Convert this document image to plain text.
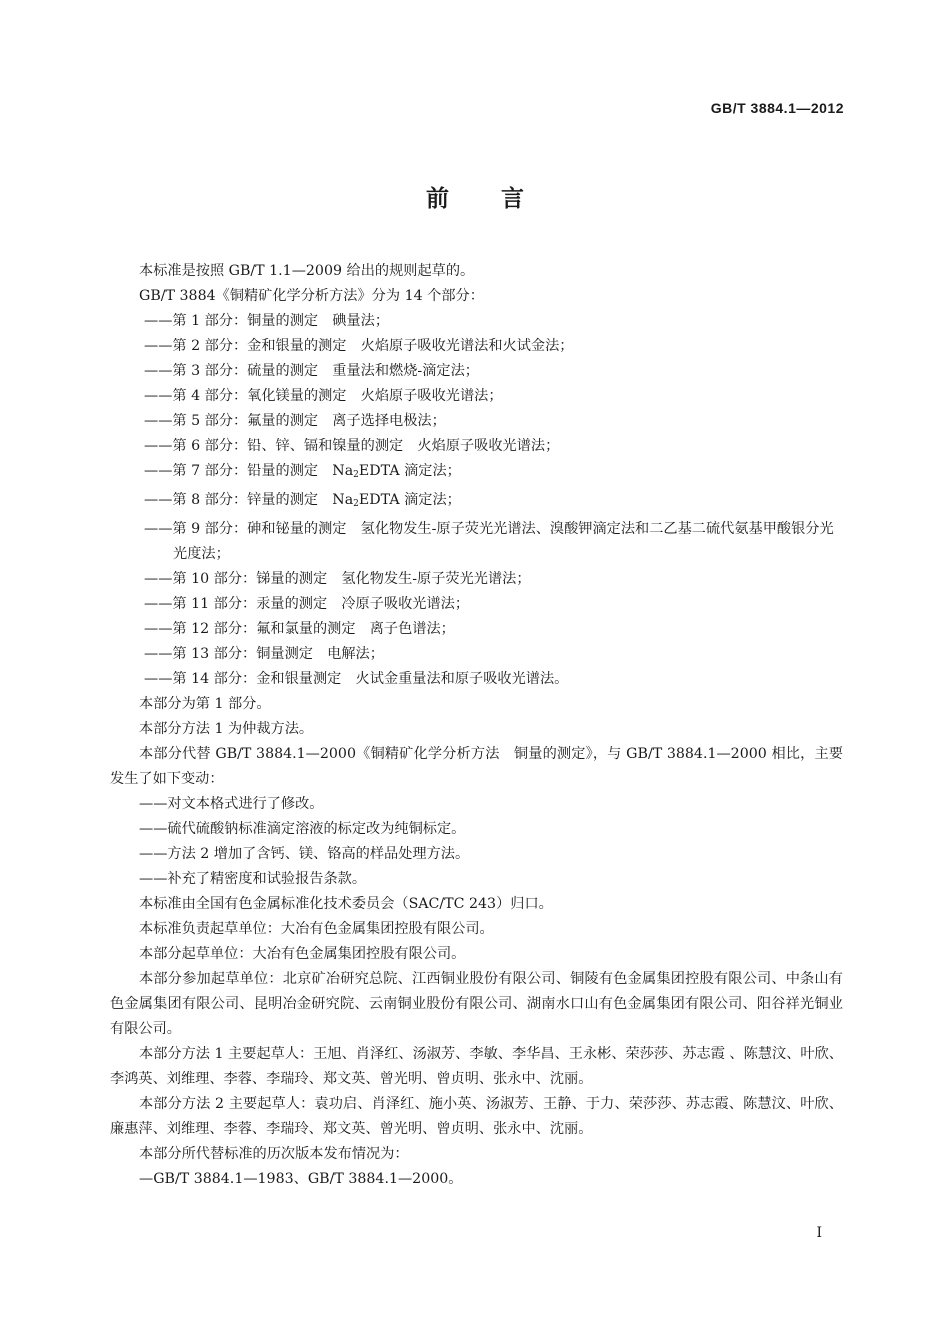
GB/T 3884.1—2012
前言

本标准是按照 GB/T 1.1—2009 给出的规则起草的。

GB/T 3884《铜精矿化学分析方法》分为 14 个部分：

——第 1 部分：铜量的测定　碘量法；
——第 2 部分：金和银量的测定　火焰原子吸收光谱法和火试金法；
——第 3 部分：硫量的测定　重量法和燃烧-滴定法；
——第 4 部分：氧化镁量的测定　火焰原子吸收光谱法；
——第 5 部分：氟量的测定　离子选择电极法；
——第 6 部分：铅、锌、镉和镍量的测定　火焰原子吸收光谱法；
——第 7 部分：铅量的测定　$Na_2EDTA$ 滴定法；
——第 8 部分：锌量的测定　$Na_2EDTA$ 滴定法；
——第 9 部分：砷和铋量的测定　氢化物发生-原子荧光光谱法、溴酸钾滴定法和二乙基二硫代氨基甲酸银分光光度法；
——第 10 部分：锑量的测定　氢化物发生-原子荧光光谱法；
——第 11 部分：汞量的测定　冷原子吸收光谱法；
——第 12 部分：氟和氯量的测定　离子色谱法；
——第 13 部分：铜量测定　电解法；
——第 14 部分：金和银量测定　火试金重量法和原子吸收光谱法。

本部分为第 1 部分。

本部分方法 1 为仲裁方法。

本部分代替 GB/T 3884.1—2000《铜精矿化学分析方法　铜量的测定》，与 GB/T 3884.1—2000 相比，主要发生了如下变动：

——对文本格式进行了修改。

——硫代硫酸钠标准滴定溶液的标定改为纯铜标定。

——方法 2 增加了含钙、镁、铬高的样品处理方法。

——补充了精密度和试验报告条款。

本标准由全国有色金属标准化技术委员会（SAC/TC 243）归口。

本标准负责起草单位：大冶有色金属集团控股有限公司。

本部分起草单位：大冶有色金属集团控股有限公司。

本部分参加起草单位：北京矿冶研究总院、江西铜业股份有限公司、铜陵有色金属集团控股有限公司、中条山有色金属集团有限公司、昆明冶金研究院、云南铜业股份有限公司、湖南水口山有色金属集团有限公司、阳谷祥光铜业有限公司。

本部分方法 1 主要起草人：王旭、肖泽红、汤淑芳、李敏、李华昌、王永彬、荣莎莎、苏志霞 、陈慧汶、叶欣、李鸿英、刘维理、李蓉、李瑞玲、郑文英、曾光明、曾贞明、张永中、沈丽。

本部分方法 2 主要起草人：袁功启、肖泽红、施小英、汤淑芳、王静、于力、荣莎莎、苏志霞、陈慧汶、叶欣、廉惠萍、刘维理、李蓉、李瑞玲、郑文英、曾光明、曾贞明、张永中、沈丽。

本部分所代替标准的历次版本发布情况为：

—GB/T 3884.1—1983、GB/T 3884.1—2000。

Ⅰ
